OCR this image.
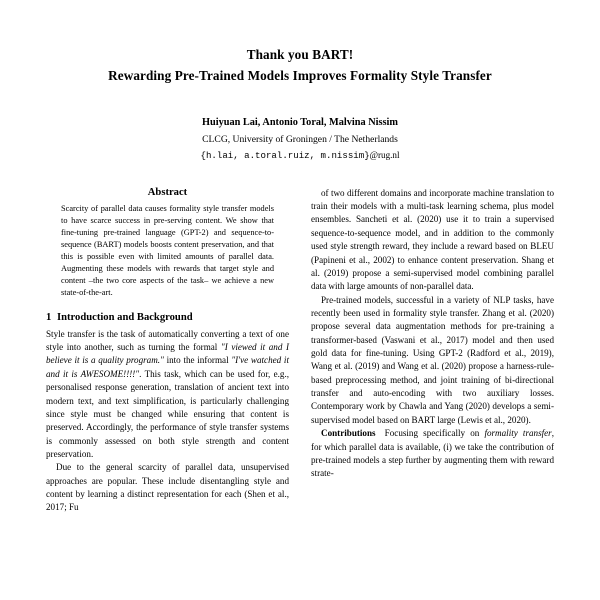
Thank you BART!
Rewarding Pre-Trained Models Improves Formality Style Transfer
Huiyuan Lai, Antonio Toral, Malvina Nissim
CLCG, University of Groningen / The Netherlands
{h.lai, a.toral.ruiz, m.nissim}@rug.nl
Abstract
Scarcity of parallel data causes formality style transfer models to have scarce success in pre-serving content. We show that fine-tuning pre-trained language (GPT-2) and sequence-to-sequence (BART) models boosts content preservation, and that this is possible even with limited amounts of parallel data. Augmenting these models with rewards that target style and content –the two core aspects of the task– we achieve a new state-of-the-art.
1 Introduction and Background

Style transfer is the task of automatically converting a text of one style into another, such as turning the formal "I viewed it and I believe it is a quality program." into the informal "I've watched it and it is AWESOME!!!!". This task, which can be used for, e.g., personalised response generation, translation of ancient text into modern text, and text simplification, is particularly challenging since style must be changed while ensuring that content is preserved. Accordingly, the performance of style transfer systems is commonly assessed on both style strength and content preservation.

Due to the general scarcity of parallel data, unsupervised approaches are popular. These include disentangling style and content by learning a distinct representation for each (Shen et al., 2017; Fu

of two different domains and incorporate machine translation to train their models with a multi-task learning schema, plus model ensembles. Sancheti et al. (2020) use it to train a supervised sequence-to-sequence model, and in addition to the commonly used style strength reward, they include a reward based on BLEU (Papineni et al., 2002) to enhance content preservation. Shang et al. (2019) propose a semi-supervised model combining parallel data with large amounts of non-parallel data.

Pre-trained models, successful in a variety of NLP tasks, have recently been used in formality style transfer. Zhang et al. (2020) propose several data augmentation methods for pre-training a transformer-based (Vaswani et al., 2017) model and then used gold data for fine-tuning. Using GPT-2 (Radford et al., 2019), Wang et al. (2019) and Wang et al. (2020) propose a harness-rule-based preprocessing method, and joint training of bi-directional transfer and auto-encoding with two auxiliary losses. Contemporary work by Chawla and Yang (2020) develops a semi-supervised model based on BART large (Lewis et al., 2020).

Contributions Focusing specifically on formality transfer, for which parallel data is available, (i) we take the contribution of pre-trained models a step further by augmenting them with reward strate-
